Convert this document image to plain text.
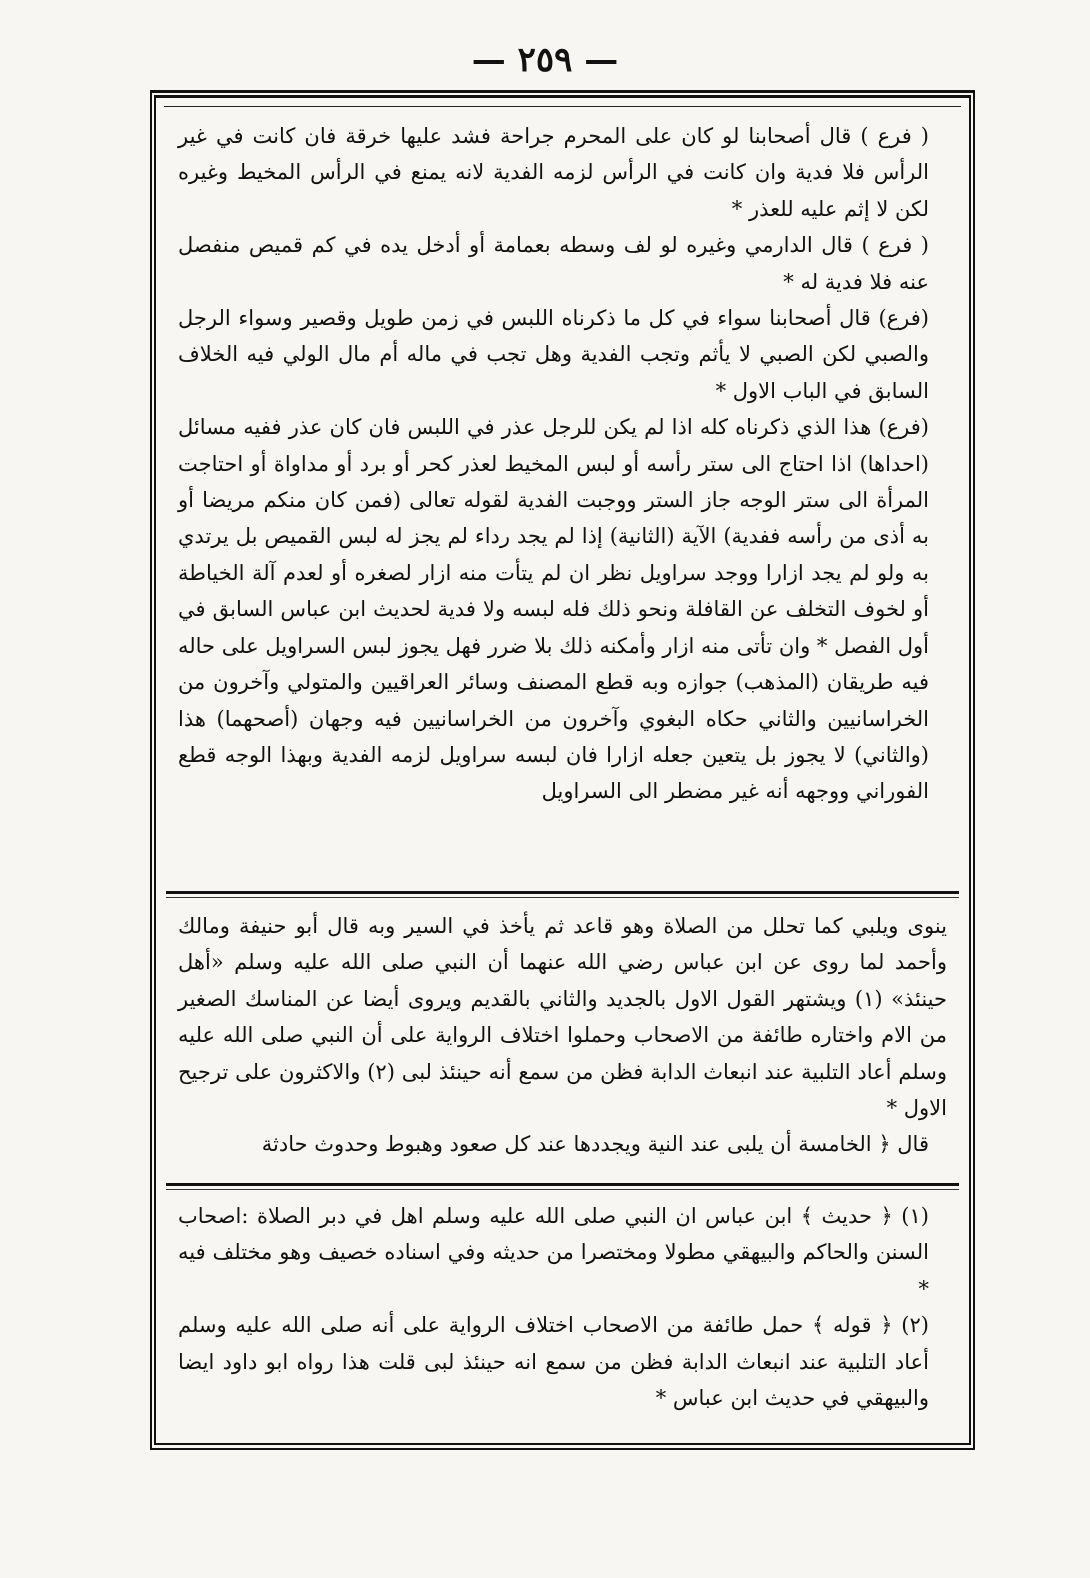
— ٢٥٩ —

( فرع ) قال أصحابنا لو كان على المحرم جراحة فشد عليها خرقة فان كانت في غير الرأس فلا فدية وان كانت في الرأس لزمه الفدية لانه يمنع في الرأس المخيط وغيره لكن لا إثم عليه للعذر *

( فرع ) قال الدارمي وغيره لو لف وسطه بعمامة أو أدخل يده في كم قميص منفصل عنه فلا فدية له *

(فرع) قال أصحابنا سواء في كل ما ذكرناه اللبس في زمن طويل وقصير وسواء الرجل والصبي لكن الصبي لا يأثم وتجب الفدية وهل تجب في ماله أم مال الولي فيه الخلاف السابق في الباب الاول *

(فرع) هذا الذي ذكرناه كله اذا لم يكن للرجل عذر في اللبس فان كان عذر ففيه مسائل (احداها) اذا احتاج الى ستر رأسه أو لبس المخيط لعذر كحر أو برد أو مداواة أو احتاجت المرأة الى ستر الوجه جاز الستر ووجبت الفدية لقوله تعالى (فمن كان منكم مريضا أو به أذى من رأسه ففدية) الآية (الثانية) إذا لم يجد رداء لم يجز له لبس القميص بل يرتدي به ولو لم يجد ازارا ووجد سراويل نظر ان لم يتأت منه ازار لصغره أو لعدم آلة الخياطة أو لخوف التخلف عن القافلة ونحو ذلك فله لبسه ولا فدية لحديث ابن عباس السابق في أول الفصل * وان تأتى منه ازار وأمكنه ذلك بلا ضرر فهل يجوز لبس السراويل على حاله فيه طريقان (المذهب) جوازه وبه قطع المصنف وسائر العراقيين والمتولي وآخرون من الخراسانيين والثاني حكاه البغوي وآخرون من الخراسانيين فيه وجهان (أصحهما) هذا (والثاني) لا يجوز بل يتعين جعله ازارا فان لبسه سراويل لزمه الفدية وبهذا الوجه قطع الفوراني ووجهه أنه غير مضطر الى السراويل

ينوى ويلبي كما تحلل من الصلاة وهو قاعد ثم يأخذ في السير وبه قال أبو حنيفة ومالك وأحمد لما روى عن ابن عباس رضي الله عنهما أن النبي صلى الله عليه وسلم «أهل حينئذ» (١) ويشتهر القول الاول بالجديد والثاني بالقديم ويروى أيضا عن المناسك الصغير من الام واختاره طائفة من الاصحاب وحملوا اختلاف الرواية على أن النبي صلى الله عليه وسلم أعاد التلبية عند انبعاث الدابة فظن من سمع أنه حينئذ لبى (٢) والاكثرون على ترجيح الاول *

قال ﴿ الخامسة أن يلبى عند النية ويجددها عند كل صعود وهبوط وحدوث حادثة

(١) ﴿ حديث ﴾ ابن عباس ان النبي صلى الله عليه وسلم اهل في دبر الصلاة :اصحاب السنن والحاكم والبيهقي مطولا ومختصرا من حديثه وفي اسناده خصيف وهو مختلف فيه *

(٢) ﴿ قوله ﴾ حمل طائفة من الاصحاب اختلاف الرواية على أنه صلى الله عليه وسلم أعاد التلبية عند انبعاث الدابة فظن من سمع انه حينئذ لبى قلت هذا رواه ابو داود ايضا والبيهقي في حديث ابن عباس *
